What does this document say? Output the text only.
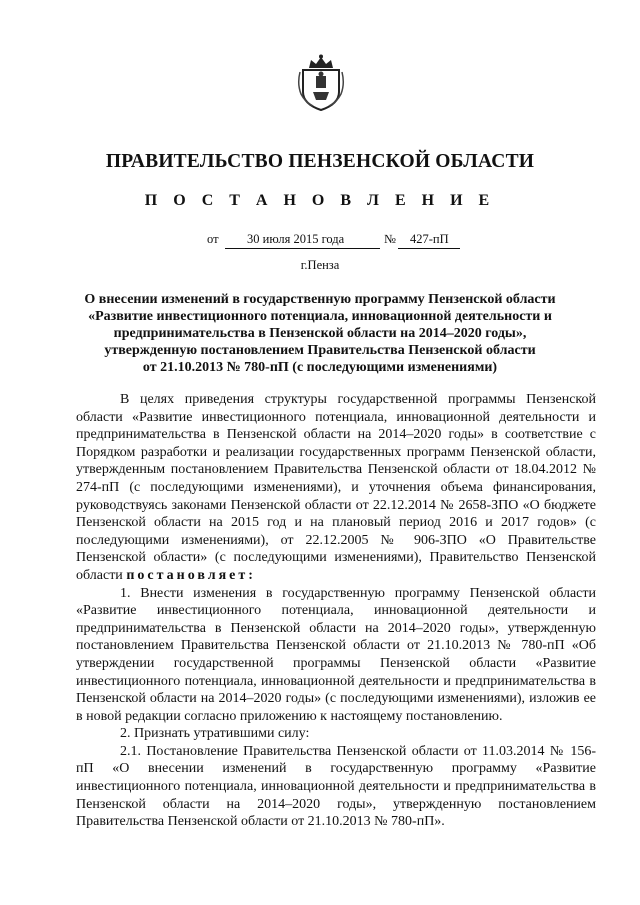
ПРАВИТЕЛЬСТВО ПЕНЗЕНСКОЙ ОБЛАСТИ
П О С Т А Н О В Л Е Н И Е
от 30 июля 2015 года	№ 427-пП
г.Пенза
О внесении изменений в государственную программу Пензенской области
«Развитие инвестиционного потенциала, инновационной деятельности и
предпринимательства в Пензенской области на 2014–2020 годы»,
утвержденную постановлением Правительства Пензенской области
от 21.10.2013 № 780-пП (с последующими изменениями)

В целях приведения структуры государственной программы Пензенской области «Развитие инвестиционного потенциала, инновационной деятельности и предпринимательства в Пензенской области на 2014–2020 годы» в соответствие с Порядком разработки и реализации государственных программ Пензенской области, утвержденным постановлением Правительства Пензенской области от 18.04.2012 № 274-пП (с последующими изменениями), и уточнения объема финансирования, руководствуясь законами Пензенской области от 22.12.2014 № 2658-ЗПО «О бюджете Пензенской области на 2015 год и на плановый период 2016 и 2017 годов» (с последующими изменениями), от 22.12.2005 № 906-ЗПО «О Правительстве Пензенской области» (с последующими изменениями), Правительство Пензенской области постановляет:

1. Внести изменения в государственную программу Пензенской области «Развитие инвестиционного потенциала, инновационной деятельности и предпринимательства в Пензенской области на 2014–2020 годы», утвержденную постановлением Правительства Пензенской области от 21.10.2013 № 780-пП «Об утверждении государственной программы Пензенской области «Развитие инвестиционного потенциала, инновационной деятельности и предпринимательства в Пензенской области на 2014–2020 годы» (с последующими изменениями), изложив ее в новой редакции согласно приложению к настоящему постановлению.

2. Признать утратившими силу:

2.1. Постановление Правительства Пензенской области от 11.03.2014 № 156-пП «О внесении изменений в государственную программу «Развитие инвестиционного потенциала, инновационной деятельности и предпринимательства в Пензенской области на 2014–2020 годы», утвержденную постановлением Правительства Пензенской области от 21.10.2013 № 780-пП».
